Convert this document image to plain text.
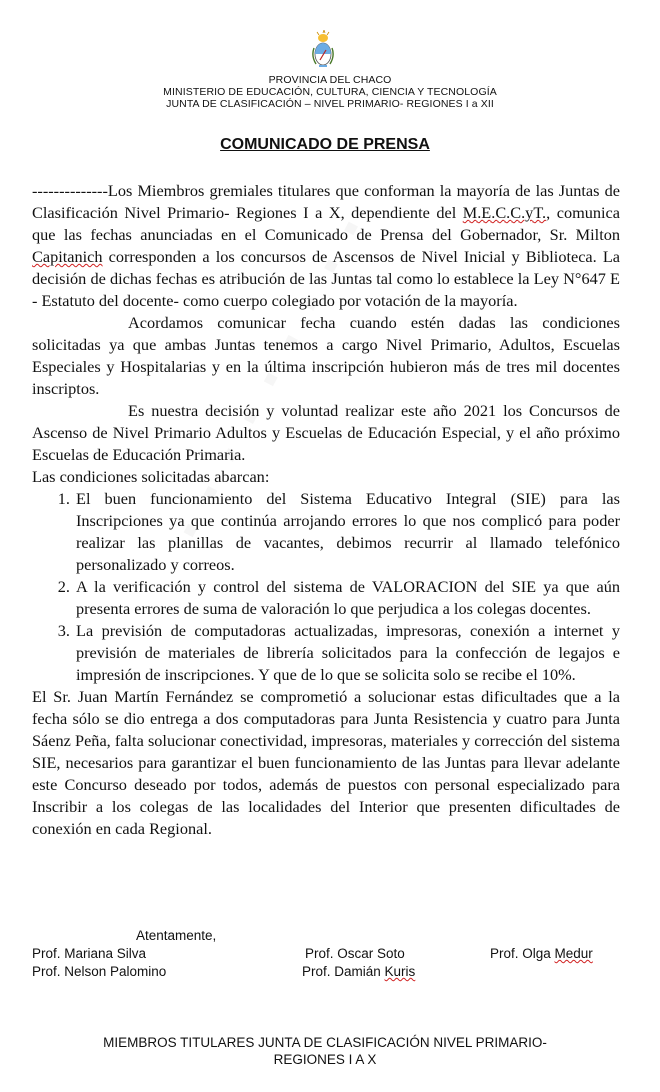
PROVINCIA DEL CHACO
MINISTERIO DE EDUCACIÓN, CULTURA, CIENCIA Y TECNOLOGÍA
JUNTA DE CLASIFICACIÓN – NIVEL PRIMARIO- REGIONES I a XII
COMUNICADO DE PRENSA

--------------Los Miembros gremiales titulares que conforman la mayoría de las Juntas de Clasificación Nivel Primario- Regiones I a X, dependiente del M.E.C.C.yT., comunica que las fechas anunciadas en el Comunicado de Prensa del Gobernador, Sr. Milton Capitanich corresponden a los concursos de Ascensos de Nivel Inicial y Biblioteca. La decisión de dichas fechas es atribución de las Juntas tal como lo establece la Ley N°647 E - Estatuto del docente- como cuerpo colegiado por votación de la mayoría.

Acordamos comunicar fecha cuando estén dadas las condiciones solicitadas ya que ambas Juntas tenemos a cargo Nivel Primario, Adultos, Escuelas Especiales y Hospitalarias y en la última inscripción hubieron más de tres mil docentes inscriptos.

Es nuestra decisión y voluntad realizar este año 2021 los Concursos de Ascenso de Nivel Primario Adultos y Escuelas de Educación Especial, y el año próximo Escuelas de Educación Primaria.

Las condiciones solicitadas abarcan:

1. El buen funcionamiento del Sistema Educativo Integral (SIE) para las Inscripciones ya que continúa arrojando errores lo que nos complicó para poder realizar las planillas de vacantes, debimos recurrir al llamado telefónico personalizado y correos.
2. A la verificación y control del sistema de VALORACION del SIE ya que aún presenta errores de suma de valoración lo que perjudica a los colegas docentes.
3. La previsión de computadoras actualizadas, impresoras, conexión a internet y previsión de materiales de librería solicitados para la confección de legajos e impresión de inscripciones. Y que de lo que se solicita solo se recibe el 10%.

El Sr. Juan Martín Fernández se comprometió a solucionar estas dificultades que a la fecha sólo se dio entrega a dos computadoras para Junta Resistencia y cuatro para Junta Sáenz Peña, falta solucionar conectividad, impresoras, materiales y corrección del sistema SIE, necesarios para garantizar el buen funcionamiento de las Juntas para llevar adelante este Concurso deseado por todos, además de puestos con personal especializado para Inscribir a los colegas de las localidades del Interior que presenten dificultades de conexión en cada Regional.

Atentamente,
Prof. Mariana Silva	Prof. Oscar Soto	Prof. Olga Medur
Prof. Nelson Palomino	Prof. Damián Kuris
MIEMBROS TITULARES JUNTA DE CLASIFICACIÓN NIVEL PRIMARIO-
REGIONES I A X
